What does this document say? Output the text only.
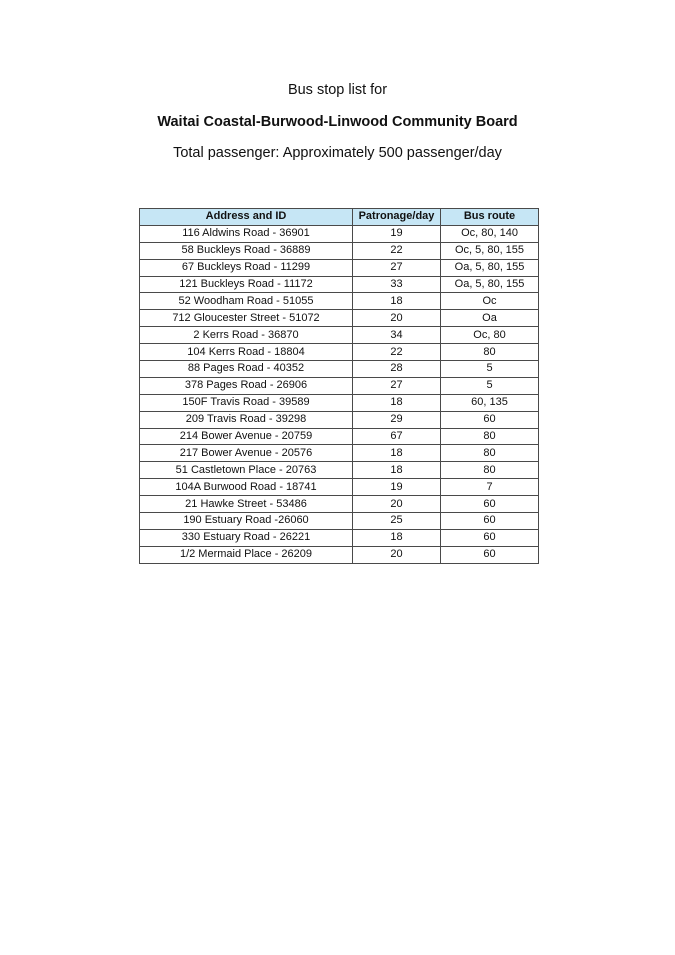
Bus stop list for
Waitai Coastal-Burwood-Linwood Community Board
Total passenger: Approximately 500 passenger/day
Address and ID	Patronage/day	Bus route
116 Aldwins Road - 36901	19	Oc, 80, 140
58 Buckleys Road - 36889	22	Oc, 5, 80, 155
67 Buckleys Road - 11299	27	Oa, 5, 80, 155
121 Buckleys Road - 11172	33	Oa, 5, 80, 155
52 Woodham Road - 51055	18	Oc
712 Gloucester Street - 51072	20	Oa
2 Kerrs Road - 36870	34	Oc, 80
104 Kerrs Road - 18804	22	80
88 Pages Road - 40352	28	5
378 Pages Road - 26906	27	5
150F Travis Road - 39589	18	60, 135
209 Travis Road - 39298	29	60
214 Bower Avenue - 20759	67	80
217 Bower Avenue - 20576	18	80
51 Castletown Place - 20763	18	80
104A Burwood Road - 18741	19	7
21 Hawke Street - 53486	20	60
190 Estuary Road -26060	25	60
330 Estuary Road - 26221	18	60
1/2 Mermaid Place - 26209	20	60
